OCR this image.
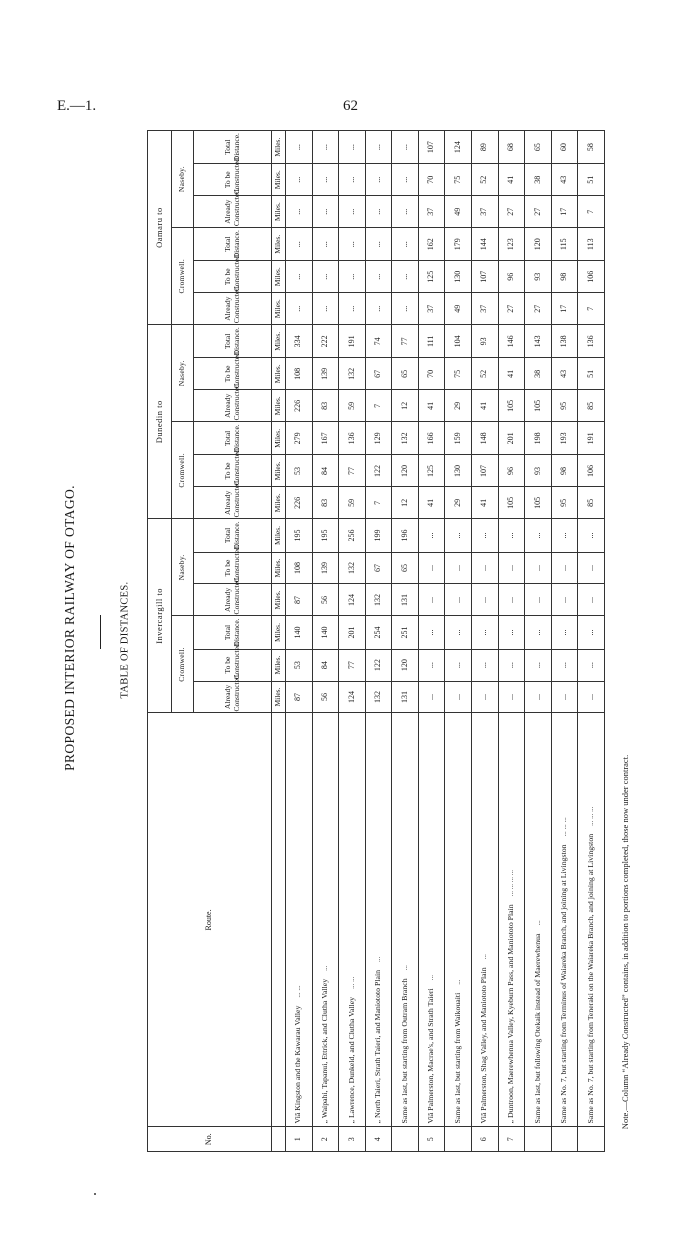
E.—1.	62
PROPOSED INTERIOR RAILWAY OF OTAGO.	TABLE OF DISTANCES.
No.	Route.	Invercargill to						Dunedin to						Oamaru to					
		Cromwell.			Naseby.			Cromwell.			Naseby.			Cromwell.			Naseby.		
		Already Constructed.	To be Constructed.	Total Distance.	Already Constructed.	To be Constructed.	Total Distance.	Already Constructed.	To be Constructed.	Total Distance.	Already Constructed.	To be Constructed.	Total Distance.	Already Constructed.	To be Constructed.	Total Distance.	Already Constructed.	To be Constructed.	Total Distance.
		Miles.	Miles.	Miles.	Miles.	Miles.	Miles.	Miles.	Miles.	Miles.	Miles.	Miles.	Miles.	Miles.	Miles.	Miles.	Miles.	Miles.	Miles.
1	Viâ Kingston and the Kawarau Valley... ...	87	53	140	87	108	195	226	53	279	226	108	334	...	...	...	...	...	...
2	„ Waipahi, Tapanui, Ettrick, and Clutha Valley...	56	84	140	56	139	195	83	84	167	83	139	222	...	...	...	...	...	...
3	„ Lawrence, Dunkeld, and Clutha Valley... ...	124	77	201	124	132	256	59	77	136	59	132	191	...	...	...	...	...	...
4	„ North Taieri, Strath Taieri, and Maniototo Plain...	132	122	254	132	67	199	7	122	129	7	67	74	...	...	...	...	...	...
	Same as last, but starting from Outram Branch...	131	120	251	131	65	196	12	120	132	12	65	77	...	...	...	...	...	...
5	Viâ Palmerston, Macrae's, and Strath Taieri...	...	...	...	...	...	...	41	125	166	41	70	111	37	125	162	37	70	107
	Same as last, but starting from Waikouaiti...	...	...	...	...	...	...	29	130	159	29	75	104	49	130	179	49	75	124
6	Viâ Palmerston, Shag Valley, and Maniototo Plain...	...	...	...	...	...	...	41	107	148	41	52	93	37	107	144	37	52	89
7	„ Duntroon, Maerewhenua Valley, Kyeburn Pass, and Maniototo Plain... ... ... ...	...	...	...	...	...	...	105	96	201	105	41	146	27	96	123	27	41	68
	Same as last, but following Otekaik instead of Maerewhenua...	...	...	...	...	...	...	105	93	198	105	38	143	27	93	120	27	38	65
	Same as No. 7, but starting from Terminus of Waiareka Branch, and joining at Livingston... ... ...	...	...	...	...	...	...	95	98	193	95	43	138	17	98	115	17	43	60
	Same as No. 7, but starting from Teneraki on the Waiareka Branch, and joining at Livingston... ... ...	...	...	...	...	...	...	85	106	191	85	51	136	7	106	113	7	51	58
Note.—Column “Already Constructed” contains, in addition to portions completed, those now under contract.
